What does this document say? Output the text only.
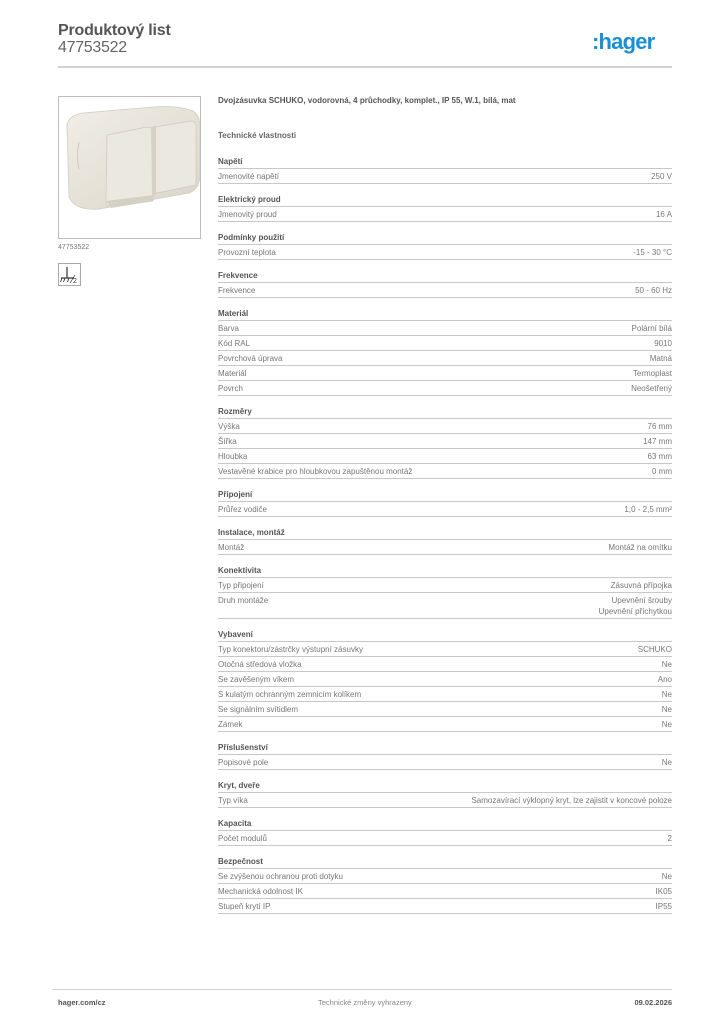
Produktový list
47753522	:hager
47753522
2
Dvojzásuvka SCHUKO, vodorovná, 4 průchodky, komplet., IP 55, W.1, bílá, mat
Technické vlastnosti
Napětí
Jmenovité napětí	250 V
Elektrický proud
Jmenovitý proud	16 A
Podmínky použití
Provozní teplota	-15 - 30 °C
Frekvence
Frekvence	50 - 60 Hz
Materiál
Barva	Polární bílá
Kód RAL	9010
Povrchová úprava	Matná
Materiál	Termoplast
Povrch	Neošetřený
Rozměry
Výška	76 mm
Šířka	147 mm
Hloubka	63 mm
Vestavěné krabice pro hloubkovou zapuštěnou montáž	0 mm
Připojení
Průřez vodiče	1,0 - 2,5 mm²
Instalace, montáž
Montáž	Montáž na omítku
Konektivita
Typ připojení	Zásuvná přípojka
Druh montáže	Upevnění šrouby
Upevnění příchytkou
Vybavení
Typ konektoru/zástrčky výstupní zásuvky	SCHUKO
Otočná středová vložka	Ne
Se zavěšeným víkem	Ano
S kulatým ochranným zemnicím kolíkem	Ne
Se signálním svítidlem	Ne
Zámek	Ne
Příslušenství
Popisové pole	Ne
Kryt, dveře
Typ víka	Samozavírací výklopný kryt, lze zajistit v koncové poloze
Kapacita
Počet modulů	2
Bezpečnost
Se zvýšenou ochranou proti dotyku	Ne
Mechanická odolnost IK	IK05
Stupeň krytí IP	IP55
hager.com/cz	Technické změny vyhrazeny	09.02.2026
